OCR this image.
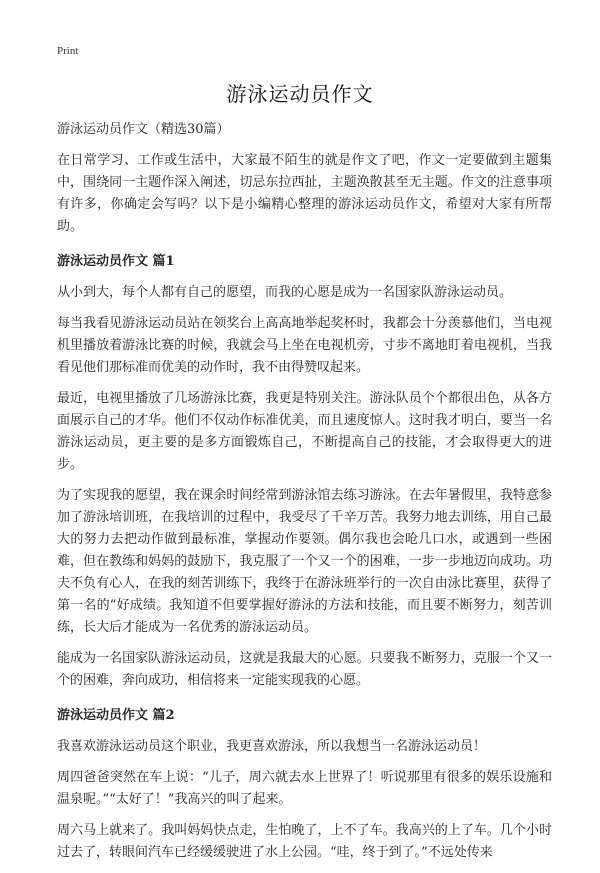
Print
游泳运动员作文

游泳运动员作文（精选30篇）

在日常学习、工作或生活中，大家最不陌生的就是作文了吧，作文一定要做到主题集中，围绕同一主题作深入阐述，切忌东拉西扯，主题涣散甚至无主题。作文的注意事项有许多，你确定会写吗？以下是小编精心整理的游泳运动员作文，希望对大家有所帮助。

游泳运动员作文 篇1

从小到大，每个人都有自己的愿望，而我的心愿是成为一名国家队游泳运动员。

每当我看见游泳运动员站在领奖台上高高地举起奖杯时，我都会十分羡慕他们，当电视机里播放着游泳比赛的时候，我就会马上坐在电视机旁，寸步不离地盯着电视机，当我看见他们那标准而优美的动作时，我不由得赞叹起来。

最近，电视里播放了几场游泳比赛，我更是特别关注。游泳队员个个都很出色，从各方面展示自己的才华。他们不仅动作标准优美，而且速度惊人。这时我才明白，要当一名游泳运动员，更主要的是多方面锻炼自己，不断提高自己的技能，才会取得更大的进步。

为了实现我的愿望，我在课余时间经常到游泳馆去练习游泳。在去年暑假里，我特意参加了游泳培训班，在我培训的过程中，我受尽了千辛万苦。我努力地去训练，用自己最大的努力去把动作做到最标准，掌握动作要领。偶尔我也会呛几口水，或遇到一些困难，但在教练和妈妈的鼓励下，我克服了一个又一个的困难，一步一步地迈向成功。功夫不负有心人，在我的刻苦训练下，我终于在游泳班举行的一次自由泳比赛里，获得了第一名的“好成绩。我知道不但要掌握好游泳的方法和技能，而且要不断努力，刻苦训练，长大后才能成为一名优秀的游泳运动员。

能成为一名国家队游泳运动员，这就是我最大的心愿。只要我不断努力，克服一个又一个的困难，奔向成功，相信将来一定能实现我的心愿。

游泳运动员作文 篇2

我喜欢游泳运动员这个职业，我更喜欢游泳，所以我想当一名游泳运动员！

周四爸爸突然在车上说：“儿子，周六就去水上世界了！听说那里有很多的娱乐设施和温泉呢。”“太好了！”我高兴的叫了起来。

周六马上就来了。我叫妈妈快点走，生怕晚了，上不了车。我高兴的上了车。几个小时过去了，转眼间汽车已经缓缓驶进了水上公园。“哇，终于到了。”不远处传来
